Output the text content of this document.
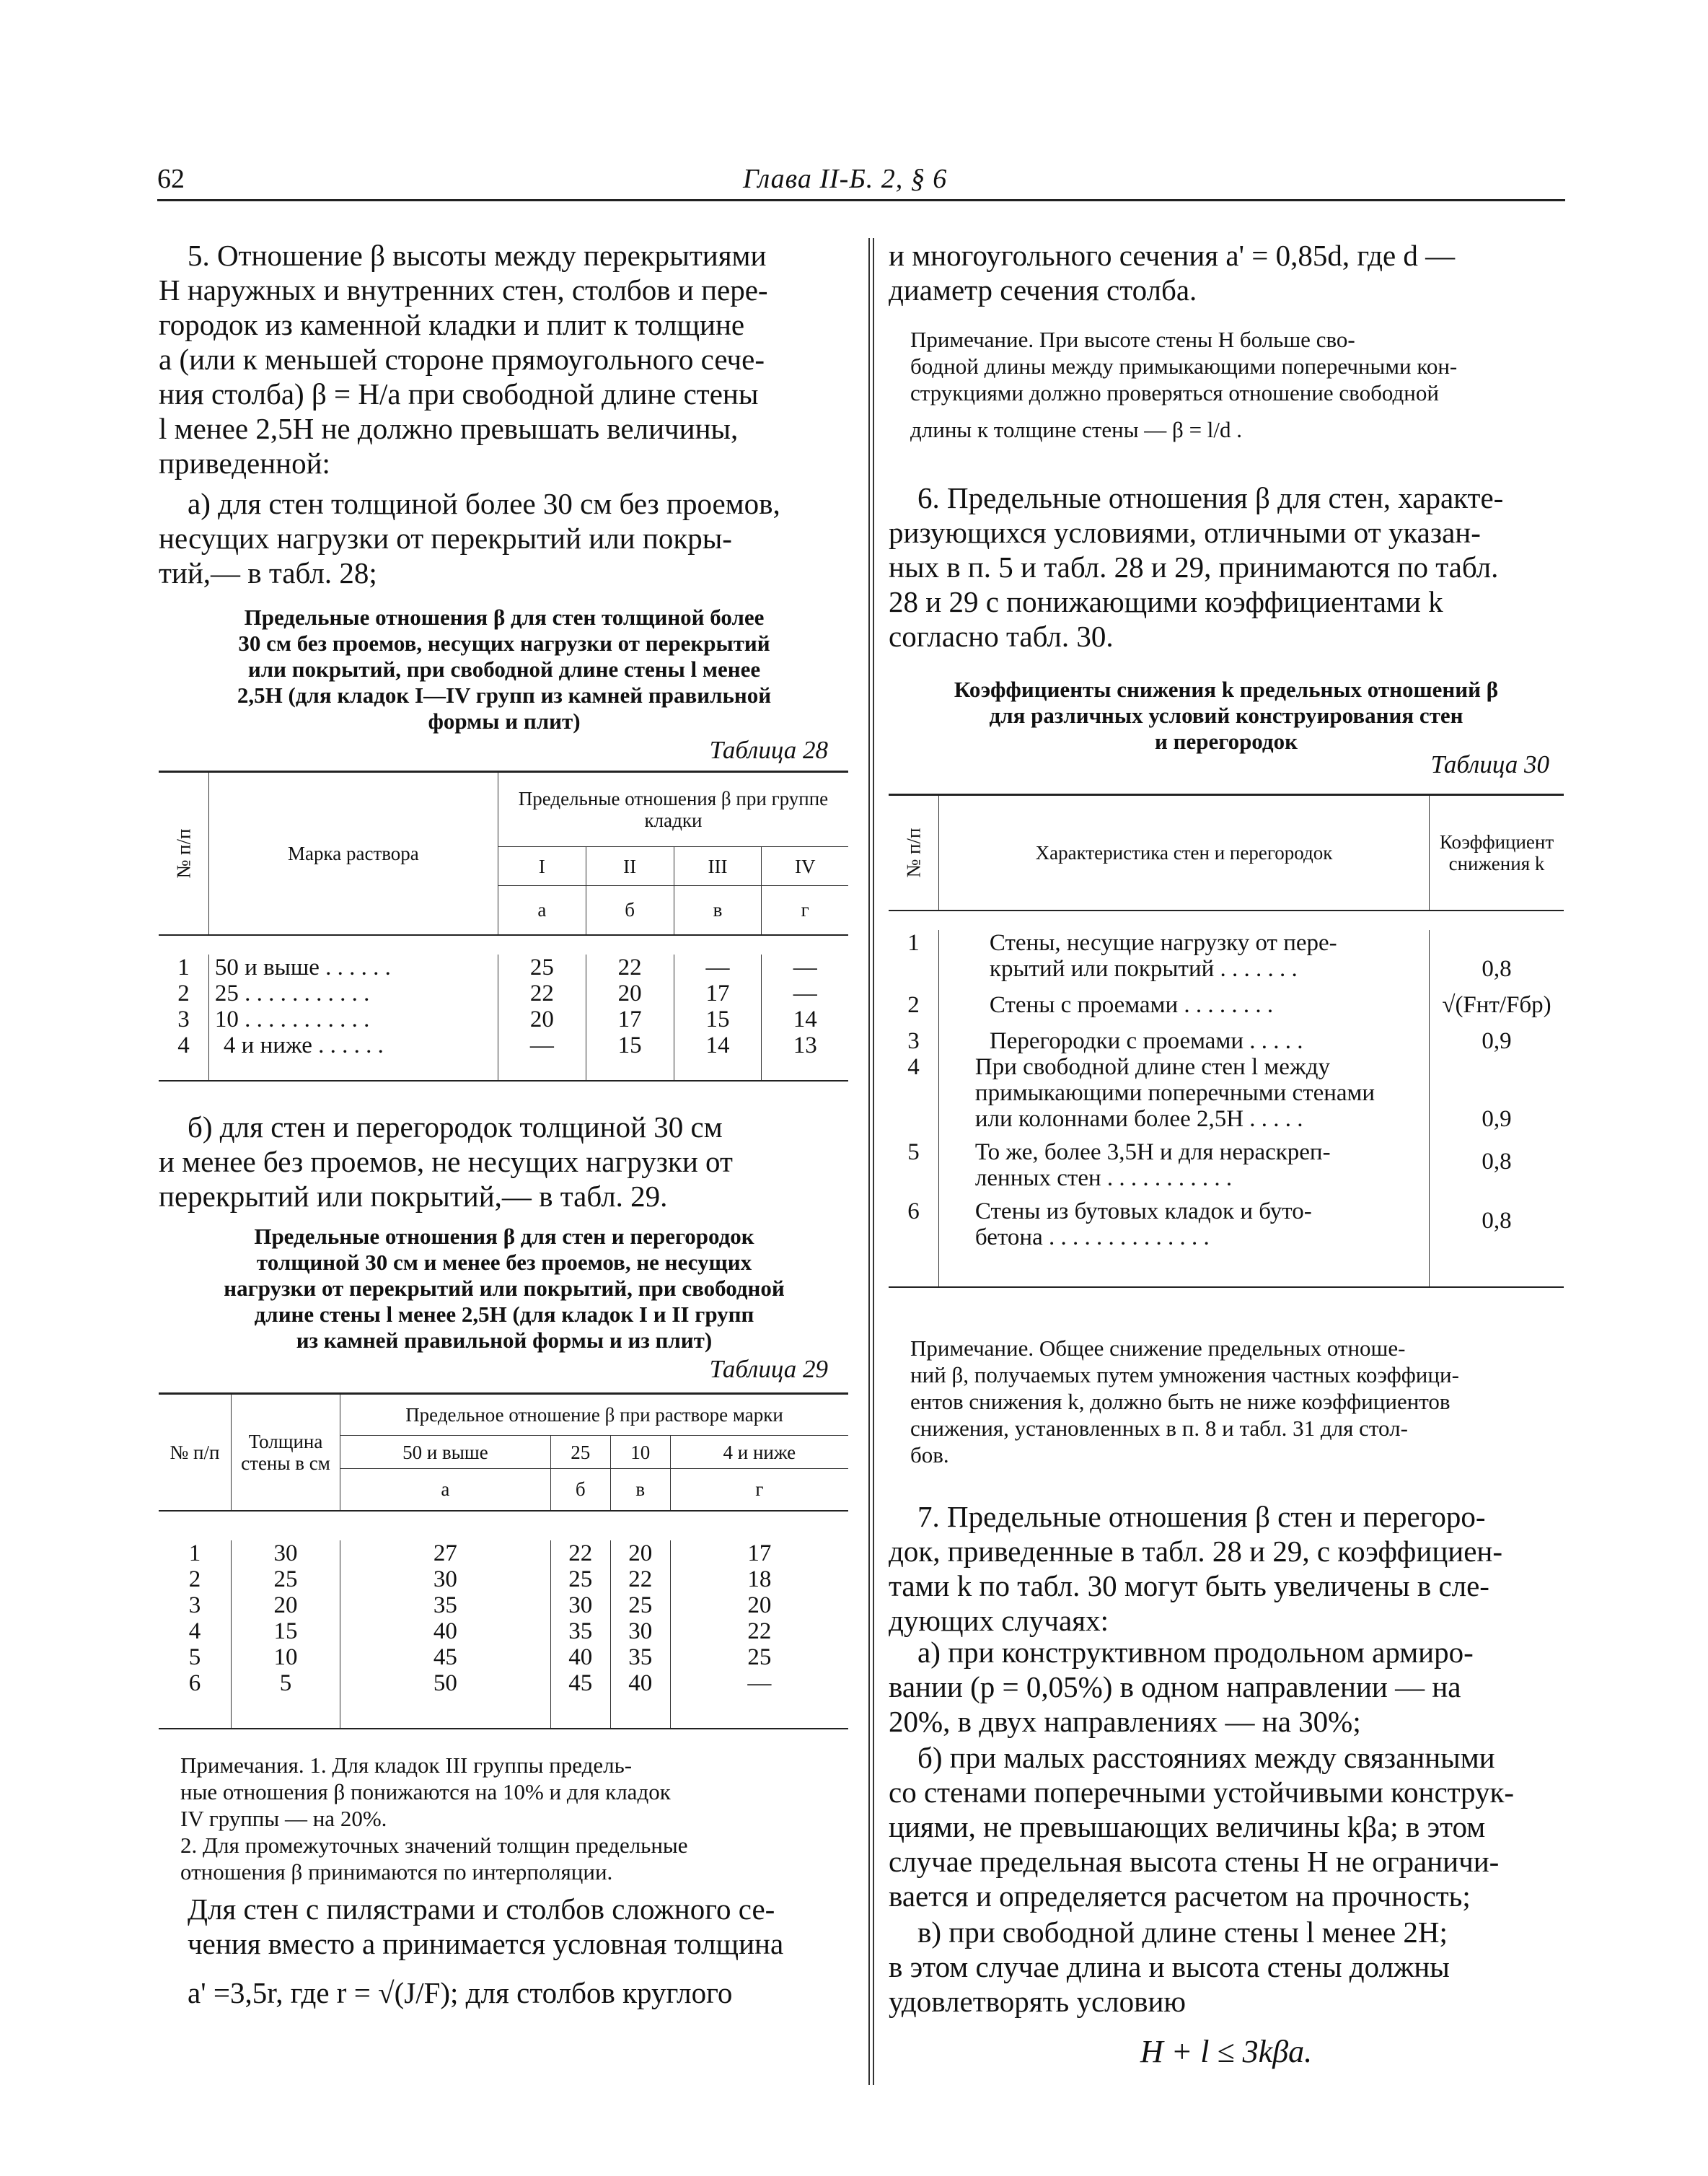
62	Глава II-Б. 2, § 6

5. Отношение β высоты между перекрытиями

H наружных и внутренних стен, столбов и пере-

городок из каменной кладки и плит к толщине

a (или к меньшей стороне прямоугольного сече-

ния столба) β = H/a при свободной длине стены

l менее 2,5H не должно превышать величины,

приведенной:

а) для стен толщиной более 30 см без проемов,

несущих нагрузки от перекрытий или покры-

тий,— в табл. 28;

Предельные отношения β для стен толщиной более
30 см без проемов, несущих нагрузки от перекрытий
или покрытий, при свободной длине стены l менее
2,5H (для кладок I—IV групп из камней правильной
формы и плит)
Таблица 28
№ п/п	Марка раствора	Предельные отношения β при группе кладки			
		I	II	III	IV
		а	б	в	г

1	50 и выше . . . . . .	25	22	—	—
2	25 . . . . . . . . . . .	22	20	17	—
3	10 . . . . . . . . . . .	20	17	15	14
4	4 и ниже . . . . . .	—	15	14	13

б) для стен и перегородок толщиной 30 см

и менее без проемов, не несущих нагрузки от

перекрытий или покрытий,— в табл. 29.

Предельные отношения β для стен и перегородок
толщиной 30 см и менее без проемов, не несущих
нагрузки от перекрытий или покрытий, при свободной
длине стены l менее 2,5H (для кладок I и II групп
из камней правильной формы и из плит)
Таблица 29
№ п/п	Толщина стены в см	Предельное отношение β при растворе марки			
		50 и выше	25	10	4 и ниже
		а	б	в	г

1	30	27	22	20	17
2	25	30	25	22	18
3	20	35	30	25	20
4	15	40	35	30	22
5	10	45	40	35	25
6	5	50	45	40	—
Примечания. 1. Для кладок III группы предель-
ные отношения β понижаются на 10% и для кладок
IV группы — на 20%.
2. Для промежуточных значений толщин предельные
отношения β принимаются по интерполяции.

Для стен с пилястрами и столбов сложного се-

чения вместо a принимается условная толщина

a' =3,5r, где r = √(J/F); для столбов круглого

и многоугольного сечения a' = 0,85d, где d —

диаметр сечения столба.

Примечание. При высоте стены H больше сво-
бодной длины между примыкающими поперечными кон-
струкциями должно проверяться отношение свободной
длины к толщине стены — β = l/d .

6. Предельные отношения β для стен, характе-

ризующихся условиями, отличными от указан-

ных в п. 5 и табл. 28 и 29, принимаются по табл.

28 и 29 с понижающими коэффициентами k

согласно табл. 30.

Коэффициенты снижения k предельных отношений β
для различных условий конструирования стен
и перегородок
Таблица 30
№ п/п	Характеристика стен и перегородок	Коэффициент снижения k

1	Стены, несущие нагрузку от пере-
крытий или покрытий . . . . . . .	0,8
2	Стены с проемами . . . . . . . .	√(Fнт/Fбр)
3	Перегородки с проемами . . . . .	0,9
4	При свободной длине стен l между
примыкающими поперечными стенами
или колоннами более 2,5H . . . . .	0,9
5	То же, более 3,5H и для нераскреп-
ленных стен . . . . . . . . . . .	0,8
6	Стены из бутовых кладок и буто-
бетона . . . . . . . . . . . . . .	0,8
Примечание. Общее снижение предельных отноше-
ний β, получаемых путем умножения частных коэффици-
ентов снижения k, должно быть не ниже коэффициентов
снижения, установленных в п. 8 и табл. 31 для стол-
бов.

7. Предельные отношения β стен и перегоро-

док, приведенные в табл. 28 и 29, с коэффициен-

тами k по табл. 30 могут быть увеличены в сле-

дующих случаях:

а) при конструктивном продольном армиро-

вании (p = 0,05%) в одном направлении — на

20%, в двух направлениях — на 30%;

б) при малых расстояниях между связанными

со стенами поперечными устойчивыми конструк-

циями, не превышающих величины kβa; в этом

случае предельная высота стены H не ограничи-

вается и определяется расчетом на прочность;

в) при свободной длине стены l менее 2H;

в этом случае длина и высота стены должны

удовлетворять условию

H + l ≤ 3kβa.
